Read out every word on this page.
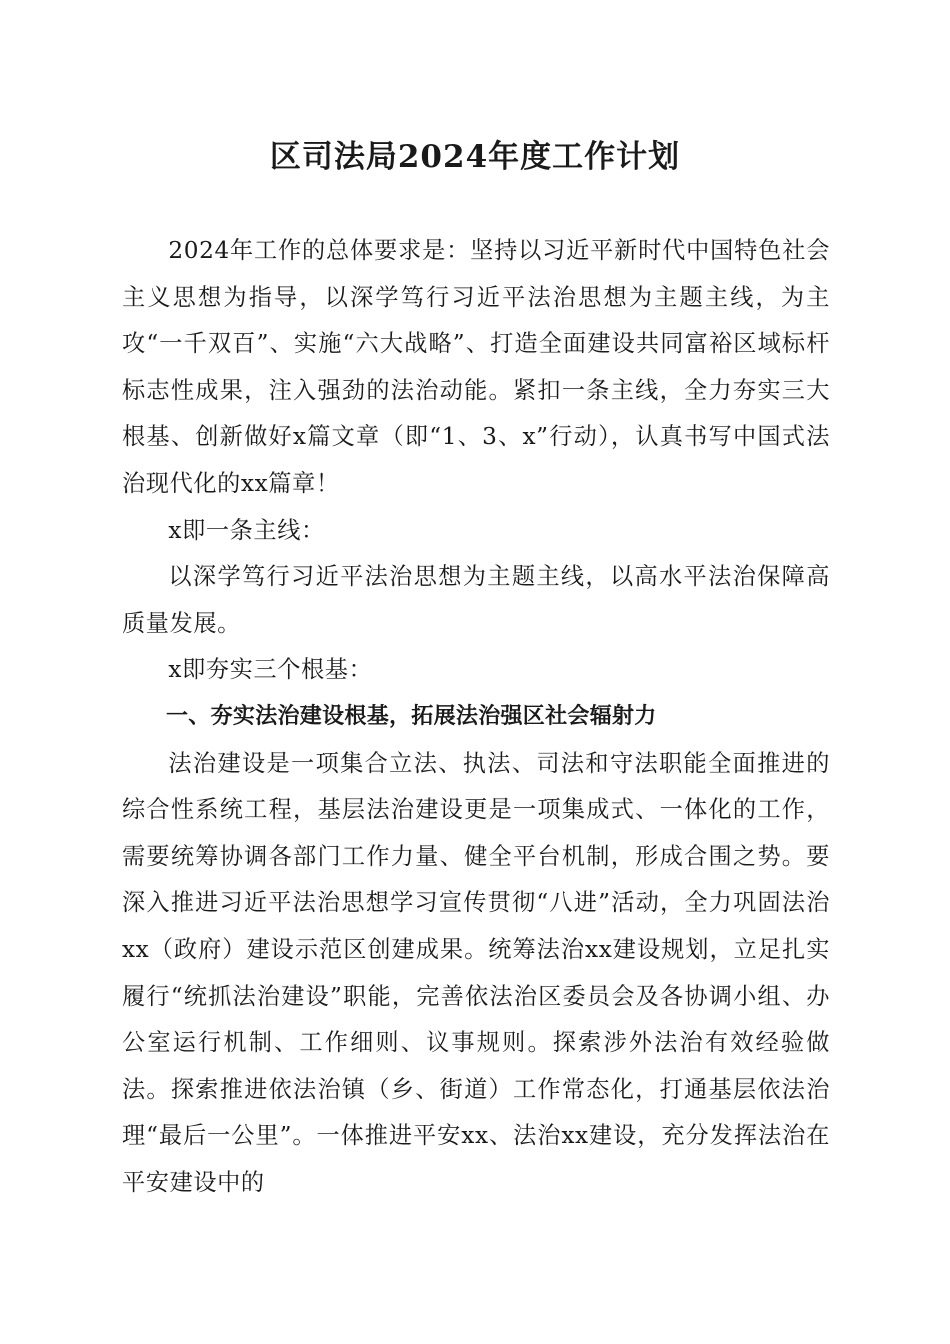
区司法局2024年度工作计划

2024年工作的总体要求是：坚持以习近平新时代中国特色社会主义思想为指导，以深学笃行习近平法治思想为主题主线，为主攻“一千双百”、实施“六大战略”、打造全面建设共同富裕区域标杆标志性成果，注入强劲的法治动能。紧扣一条主线，全力夯实三大根基、创新做好x篇文章（即“1、3、x”行动），认真书写中国式法治现代化的xx篇章！

x即一条主线：

以深学笃行习近平法治思想为主题主线，以高水平法治保障高质量发展。

x即夯实三个根基：

一、夯实法治建设根基，拓展法治强区社会辐射力

法治建设是一项集合立法、执法、司法和守法职能全面推进的综合性系统工程，基层法治建设更是一项集成式、一体化的工作，需要统筹协调各部门工作力量、健全平台机制，形成合围之势。要深入推进习近平法治思想学习宣传贯彻“八进”活动，全力巩固法治xx（政府）建设示范区创建成果。统筹法治xx建设规划，立足扎实履行“统抓法治建设”职能，完善依法治区委员会及各协调小组、办公室运行机制、工作细则、议事规则。探索涉外法治有效经验做法。探索推进依法治镇（乡、街道）工作常态化，打通基层依法治理“最后一公里”。一体推进平安xx、法治xx建设，充分发挥法治在平安建设中的
